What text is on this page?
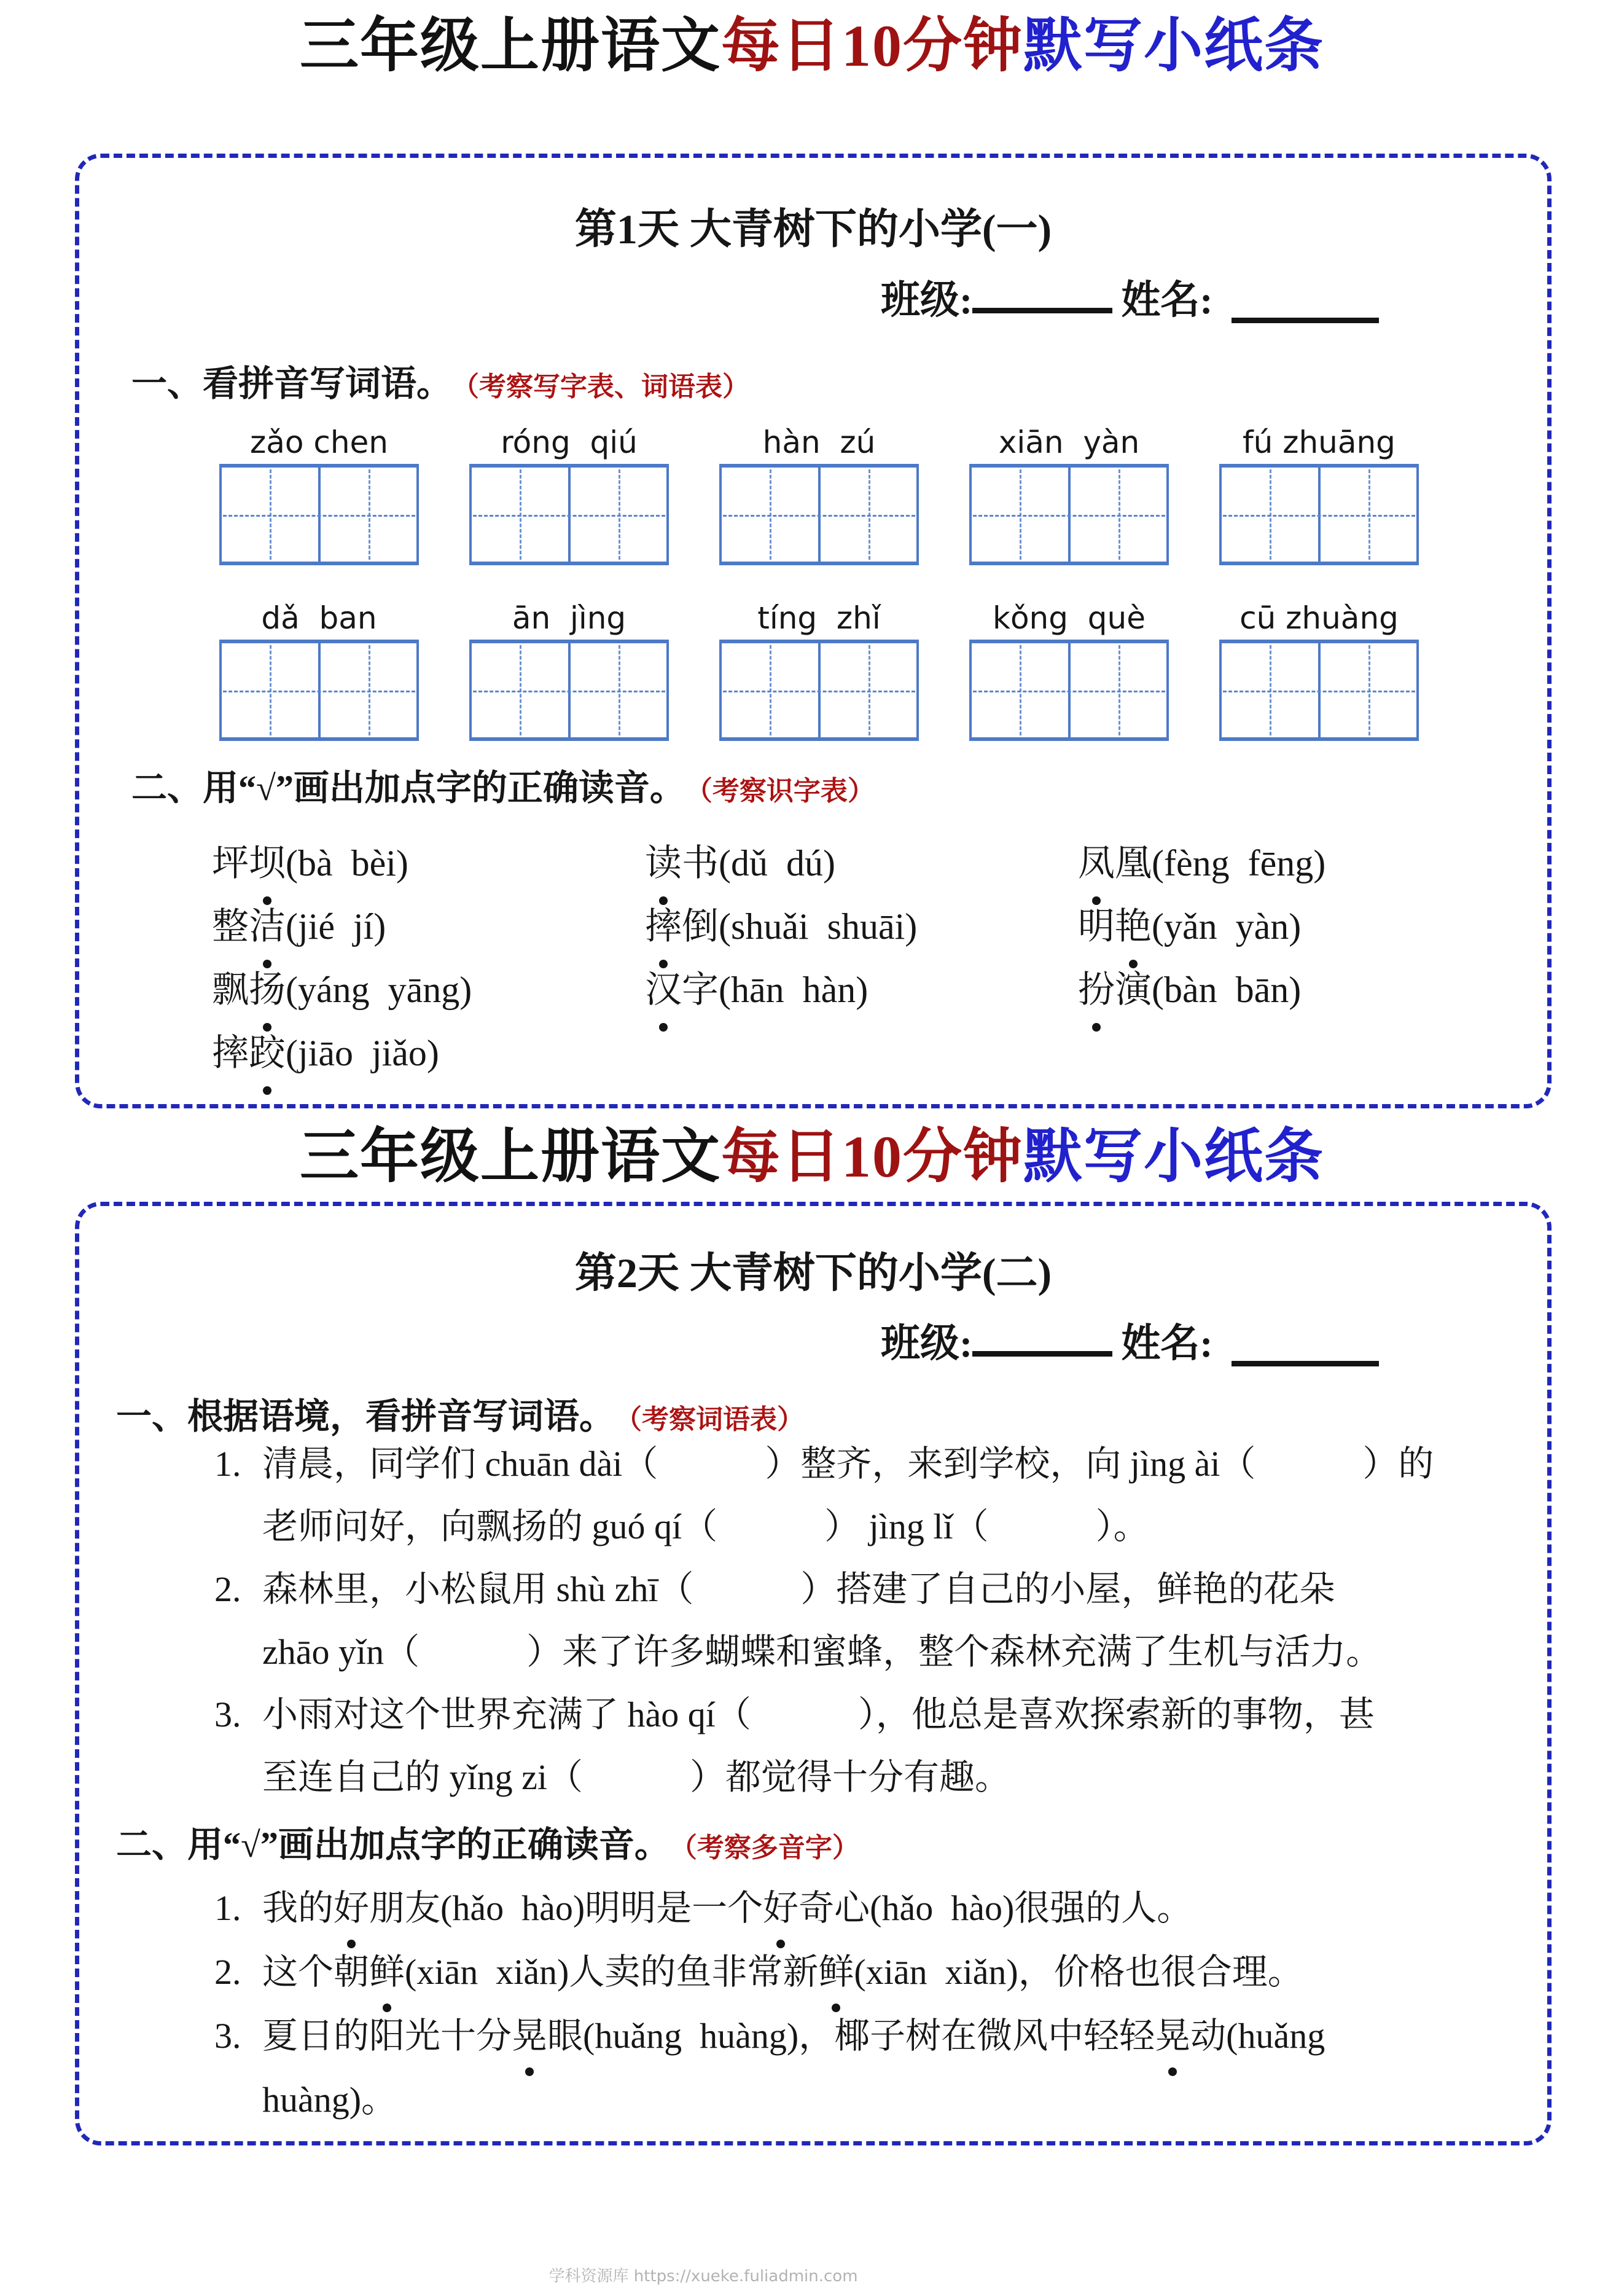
三年级上册语文每日10分钟默写小纸条
第1天 大青树下的小学(一)
班级:	姓名:
一、看拼音写词语。 （考察写字表、词语表）
zǎo chen	róng  qiú	hàn  zú	xiān  yàn	fú zhuāng
dǎ  ban	ān  jìng	tíng  zhǐ	kǒng  què	cū zhuàng
二、用“√”画出加点字的正确读音。 （考察识字表）
坪坝(bà  bèi)	读书(dǔ  dú)	凤凰(fèng  fēng)
整洁(jié  jí)	摔倒(shuǎi  shuāi)	明艳(yǎn  yàn)
飘扬(yáng  yāng)	汉字(hān  hàn)	扮演(bàn  bān)
摔跤(jiāo  jiǎo)
三年级上册语文每日10分钟默写小纸条
第2天 大青树下的小学(二)
班级:	姓名:
一、根据语境，看拼音写词语。 （考察词语表）
1. 清晨，同学们 chuān dài（　　　）整齐，来到学校，向 jìng ài（　　　）的
老师问好，向飘扬的 guó qí（　　　） jìng lǐ（　　　）。
2. 森林里，小松鼠用 shù zhī（　　　）搭建了自己的小屋，鲜艳的花朵
zhāo yǐn（　　　）来了许多蝴蝶和蜜蜂，整个森林充满了生机与活力。
3. 小雨对这个世界充满了 hào qí（　　　），他总是喜欢探索新的事物，甚
至连自己的 yǐng zi（　　　）都觉得十分有趣。
二、用“√”画出加点字的正确读音。 （考察多音字）
1. 我的好朋友(hǎo  hào)明明是一个好奇心(hǎo  hào)很强的人。
2. 这个朝鲜(xiān  xiǎn)人卖的鱼非常新鲜(xiān  xiǎn)，价格也很合理。
3. 夏日的阳光十分晃眼(huǎng  huàng)，椰子树在微风中轻轻晃动(huǎng
huàng)。
学科资源库 https://xueke.fuliadmin.com
